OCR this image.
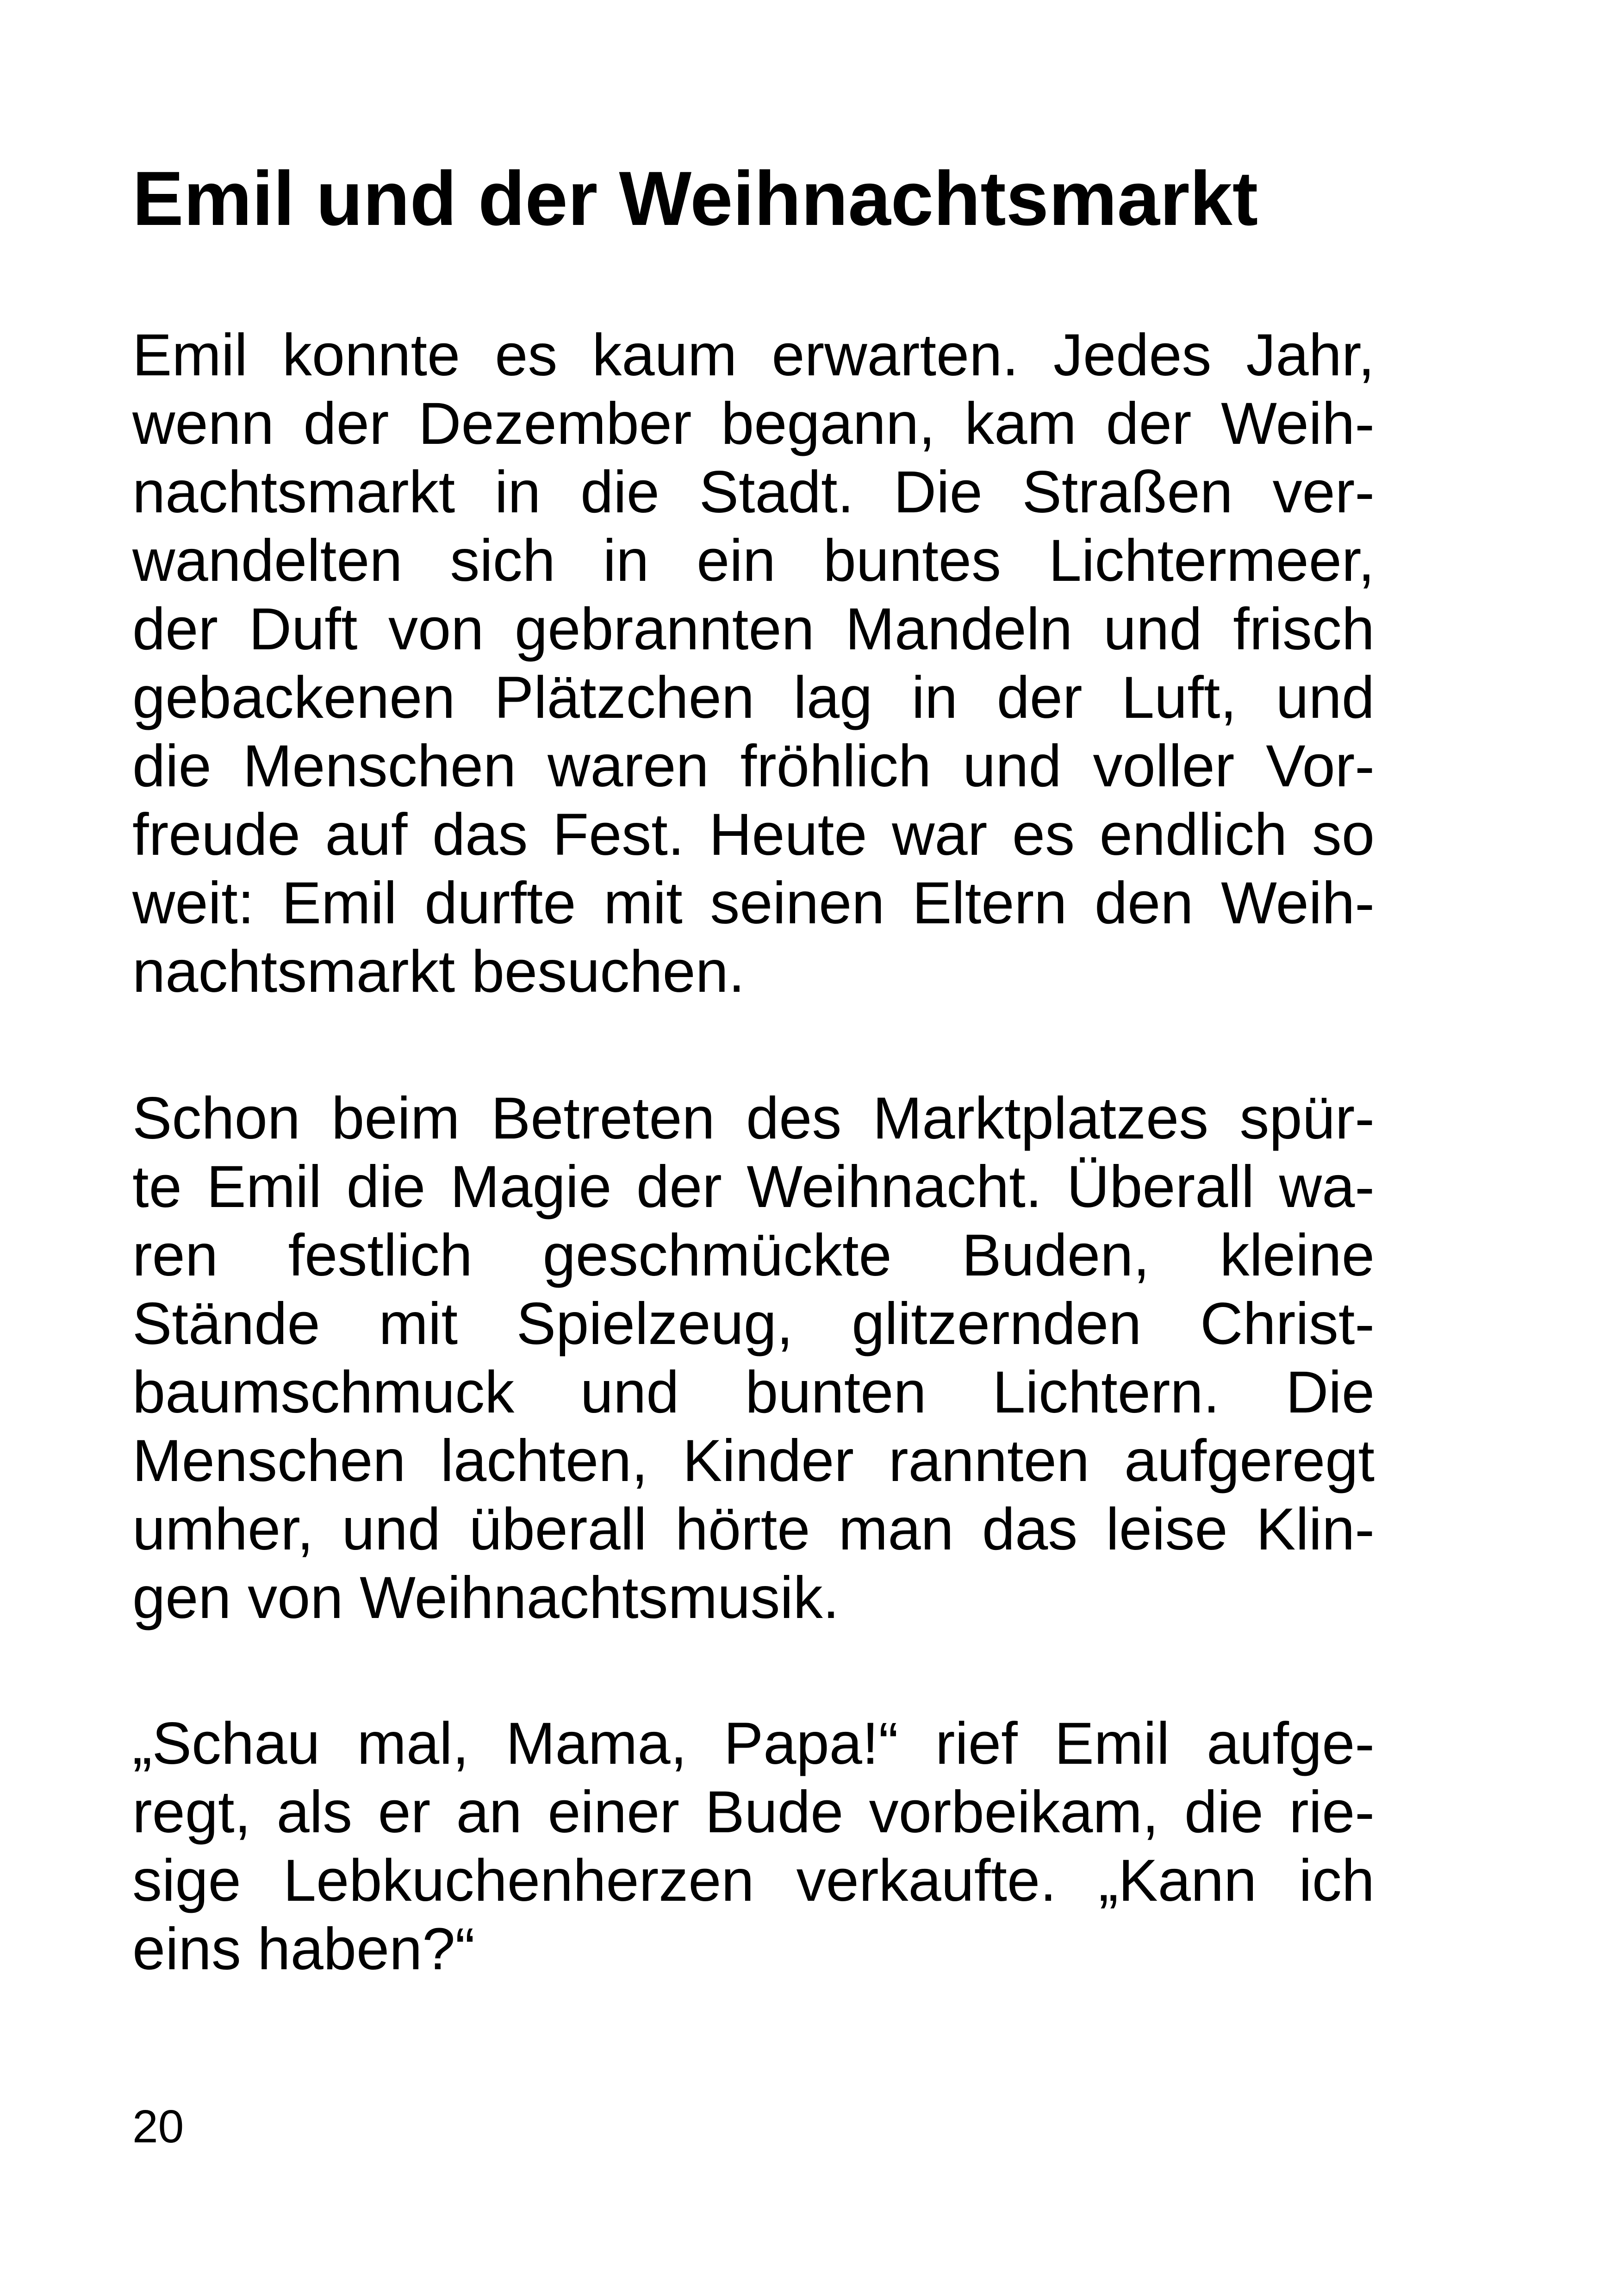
Emil und der Weihnachtsmarkt
Emil konnte es kaum erwarten. Jedes Jahr,
wenn der Dezember begann, kam der Weih-
nachtsmarkt in die Stadt. Die Straßen ver-
wandelten sich in ein buntes Lichtermeer,
der Duft von gebrannten Mandeln und frisch
gebackenen Plätzchen lag in der Luft, und
die Menschen waren fröhlich und voller Vor-
freude auf das Fest. Heute war es endlich so
weit: Emil durfte mit seinen Eltern den Weih-
nachtsmarkt besuchen.
Schon beim Betreten des Marktplatzes spür-
te Emil die Magie der Weihnacht. Überall wa-
ren festlich geschmückte Buden, kleine
Stände mit Spielzeug, glitzernden Christ-
baumschmuck und bunten Lichtern. Die
Menschen lachten, Kinder rannten aufgeregt
umher, und überall hörte man das leise Klin-
gen von Weihnachtsmusik.
„Schau mal, Mama, Papa!“ rief Emil aufge-
regt, als er an einer Bude vorbeikam, die rie-
sige Lebkuchenherzen verkaufte. „Kann ich
eins haben?“
20
